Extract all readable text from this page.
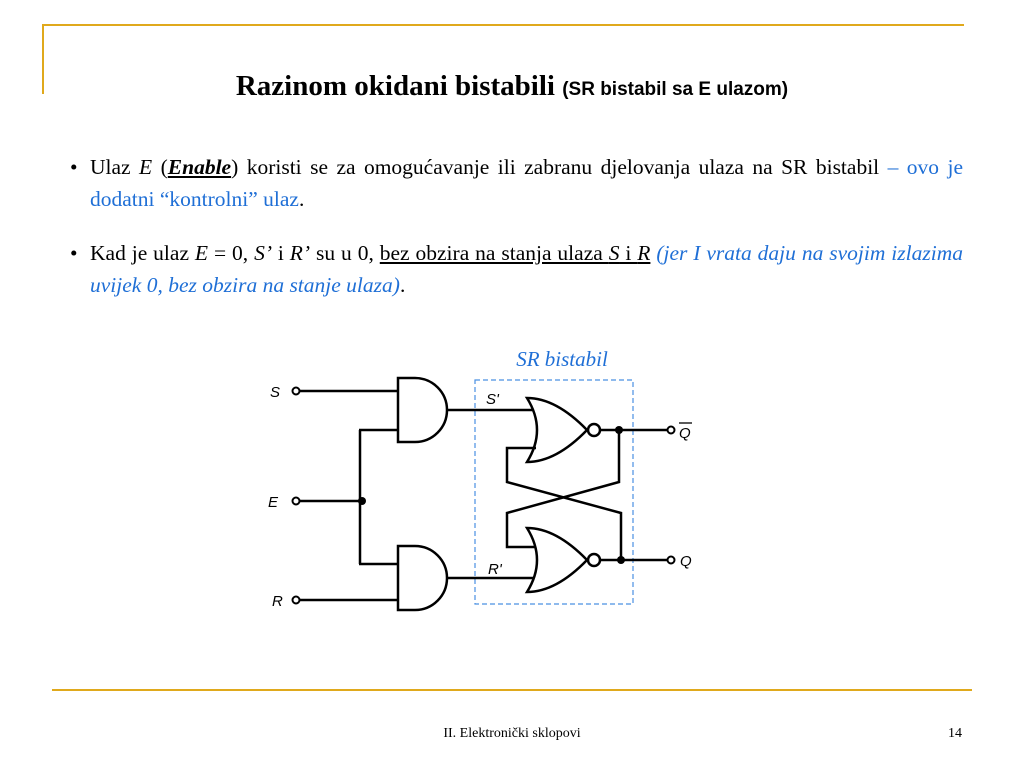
Razinom okidani bistabili (SR bistabil sa E ulazom)

• Ulaz E (Enable) koristi se za omogućavanje ili zabranu djelovanja ulaza na SR bistabil – ovo je dodatni “kontrolni” ulaz.

• Kad je ulaz E = 0, S’ i R’ su u 0, bez obzira na stanja ulaza S i R (jer I vrata daju na svojim izlazima uvijek 0, bez obzira na stanje ulaza).

SR bistabil
S
E
R
S'
R'
Q
Q
II. Elektronički sklopovi	14
